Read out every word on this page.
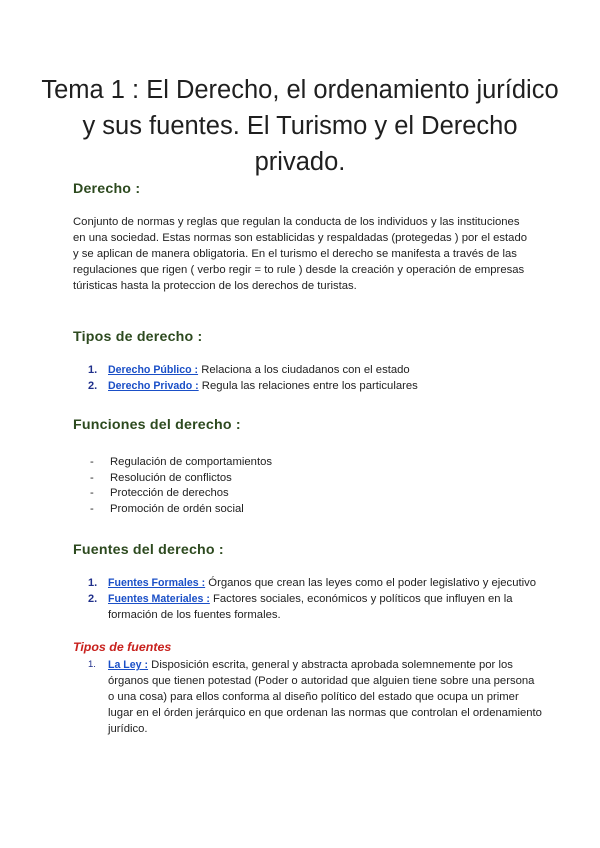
Tema 1 : El Derecho, el ordenamiento jurídico y sus fuentes. El Turismo y el Derecho privado.
Derecho :

Conjunto de normas y reglas que regulan la conducta de los individuos y las instituciones en una sociedad. Estas normas son establicidas y respaldadas (protegedas ) por el estado y se aplican de manera obligatoria. En el turismo el derecho se manifesta a través de las regulaciones que rigen ( verbo regir = to rule ) desde la creación y operación de empresas túristicas hasta la proteccion de los derechos de turistas.

Tipos de derecho :
1. Derecho Público : Relaciona a los ciudadanos con el estado
2. Derecho Privado : Regula las relaciones entre los particulares
Funciones del derecho :
- Regulación de comportamientos
- Resolución de conflictos
- Protección de derechos
- Promoción de ordén social
Fuentes del derecho :
1. Fuentes Formales : Órganos que crean las leyes como el poder legislativo y ejecutivo
2. Fuentes Materiales : Factores sociales, económicos y políticos que influyen en la formación de los fuentes formales.

Tipos de fuentes

1. La Ley : Disposición escrita, general y abstracta aprobada solemnemente por los órganos que tienen potestad (Poder o autoridad que alguien tiene sobre una persona o una cosa) para ellos conforma al diseño político del estado que ocupa un primer lugar en el órden jerárquico en que ordenan las normas que controlan el ordenamiento jurídico.
